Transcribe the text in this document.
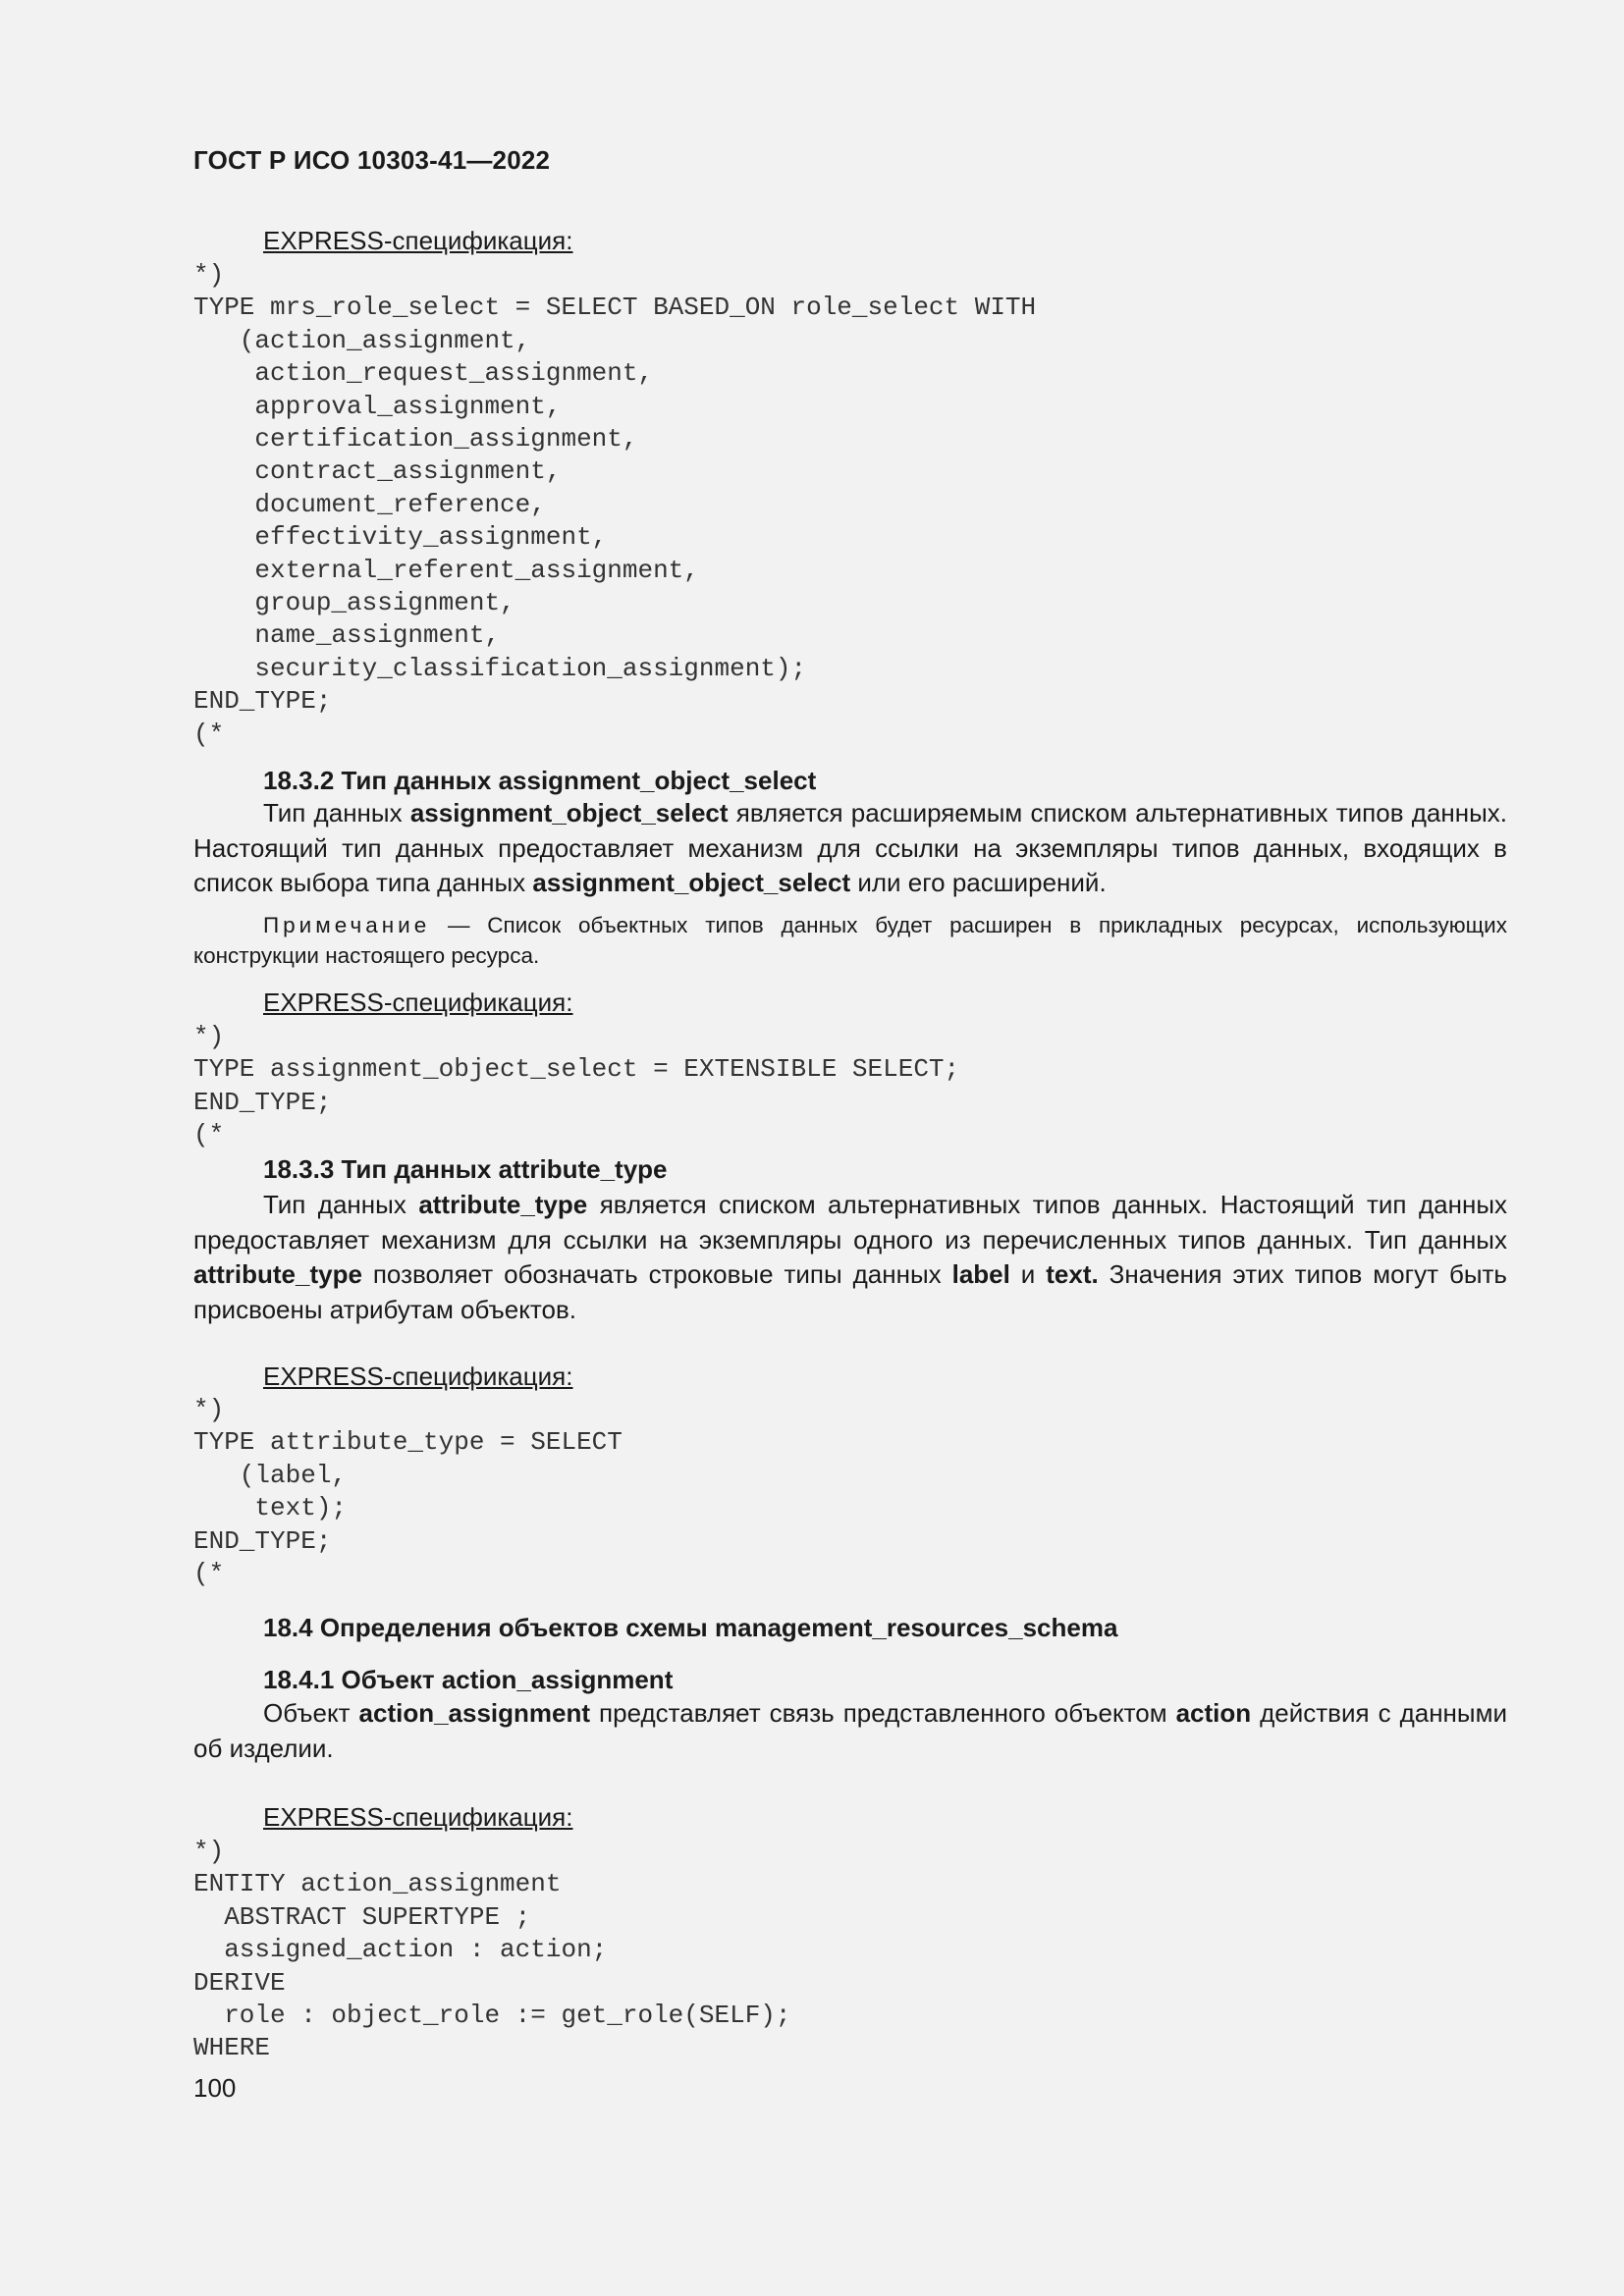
ГОСТ Р ИСО 10303-41—2022
EXPRESS-спецификация:
*)
TYPE mrs_role_select = SELECT BASED_ON role_select WITH
(action_assignment,
action_request_assignment,
approval_assignment,
certification_assignment,
contract_assignment,
document_reference,
effectivity_assignment,
external_referent_assignment,
group_assignment,
name_assignment,
security_classification_assignment);
END_TYPE;
(*
18.3.2 Тип данных assignment_object_select

Тип данных assignment_object_select является расширяемым списком альтернативных типов данных. Настоящий тип данных предоставляет механизм для ссылки на экземпляры типов данных, входящих в список выбора типа данных assignment_object_select или его расширений.

Примечание — Список объектных типов данных будет расширен в прикладных ресурсах, использующих конструкции настоящего ресурса.

EXPRESS-спецификация:
*)
TYPE assignment_object_select = EXTENSIBLE SELECT;
END_TYPE;
(*
18.3.3 Тип данных attribute_type

Тип данных attribute_type является списком альтернативных типов данных. Настоящий тип данных предоставляет механизм для ссылки на экземпляры одного из перечисленных типов данных. Тип данных attribute_type позволяет обозначать строковые типы данных label и text. Значения этих типов могут быть присвоены атрибутам объектов.

EXPRESS-спецификация:
*)
TYPE attribute_type = SELECT
(label,
text);
END_TYPE;
(*
18.4 Определения объектов схемы management_resources_schema
18.4.1 Объект action_assignment

Объект action_assignment представляет связь представленного объектом action действия с данными об изделии.

EXPRESS-спецификация:
*)
ENTITY action_assignment
ABSTRACT SUPERTYPE ;
assigned_action : action;
DERIVE
role : object_role := get_role(SELF);
WHERE
100
